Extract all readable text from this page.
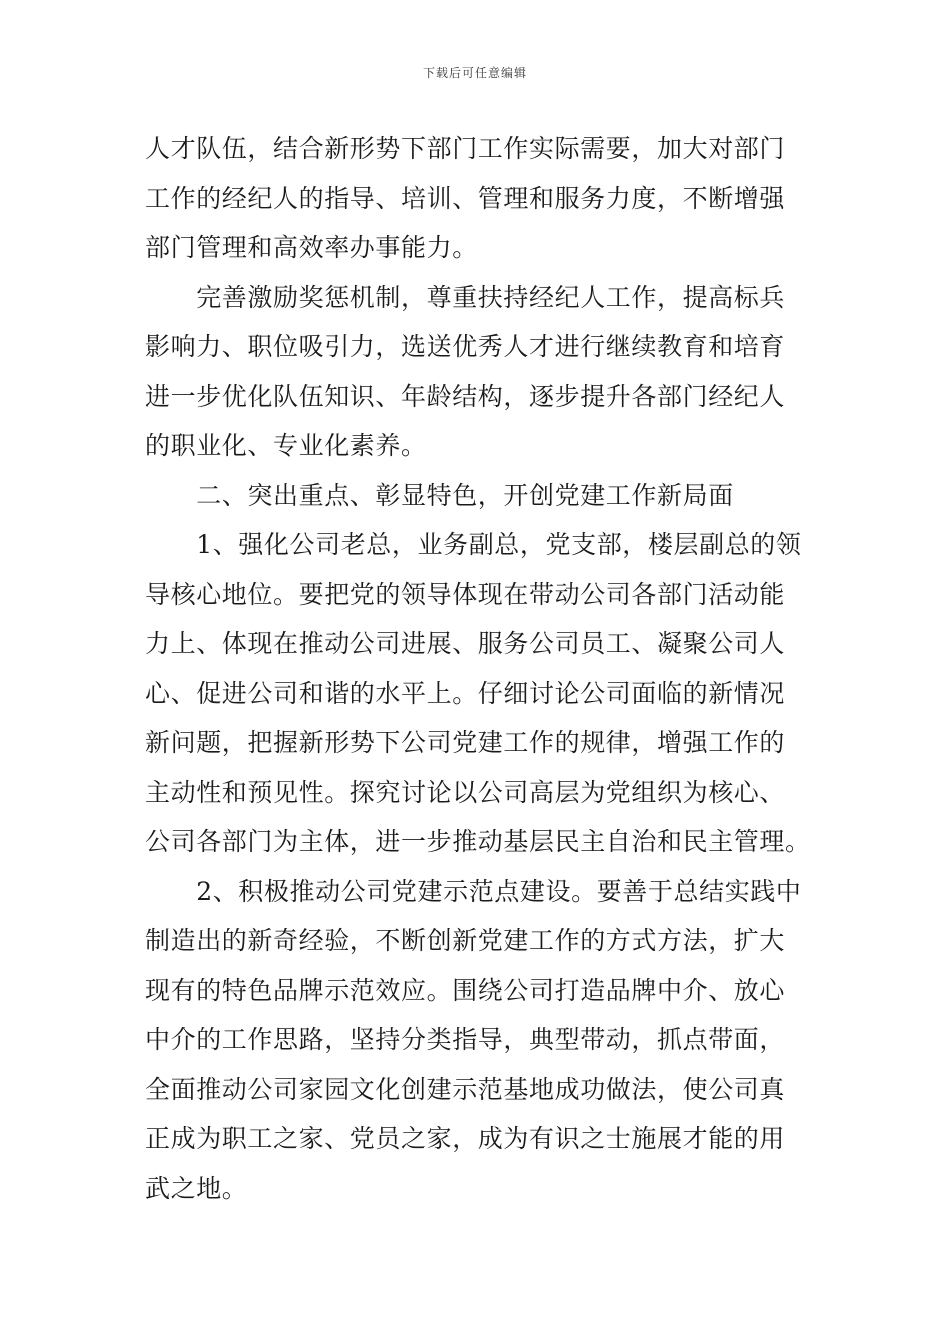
下载后可任意编辑
人才队伍，结合新形势下部门工作实际需要，加大对部门
工作的经纪人的指导、培训、管理和服务力度，不断增强
部门管理和高效率办事能力。
　　完善激励奖惩机制，尊重扶持经纪人工作，提高标兵
影响力、职位吸引力，选送优秀人才进行继续教育和培育
进一步优化队伍知识、年龄结构，逐步提升各部门经纪人
的职业化、专业化素养。
　　二、突出重点、彰显特色，开创党建工作新局面
　　1、强化公司老总，业务副总，党支部，楼层副总的领
导核心地位。要把党的领导体现在带动公司各部门活动能
力上、体现在推动公司进展、服务公司员工、凝聚公司人
心、促进公司和谐的水平上。仔细讨论公司面临的新情况
新问题，把握新形势下公司党建工作的规律，增强工作的
主动性和预见性。探究讨论以公司高层为党组织为核心、
公司各部门为主体，进一步推动基层民主自治和民主管理。
　　2、积极推动公司党建示范点建设。要善于总结实践中
制造出的新奇经验，不断创新党建工作的方式方法，扩大
现有的特色品牌示范效应。围绕公司打造品牌中介、放心
中介的工作思路，坚持分类指导，典型带动，抓点带面，
全面推动公司家园文化创建示范基地成功做法，使公司真
正成为职工之家、党员之家，成为有识之士施展才能的用
武之地。
